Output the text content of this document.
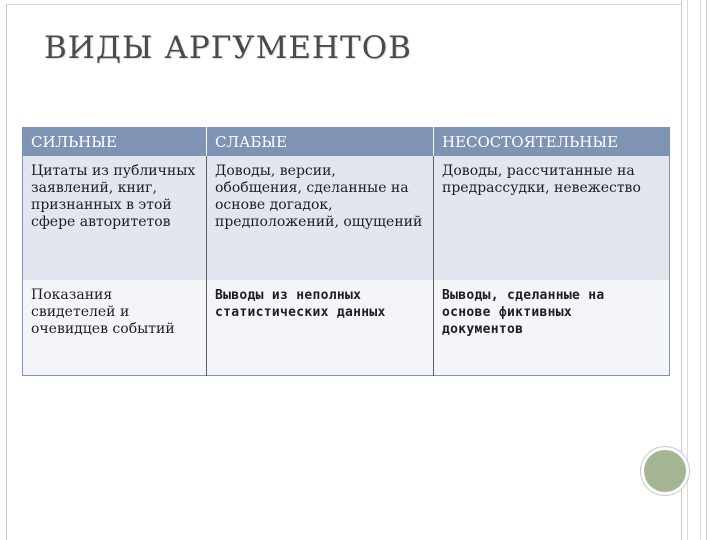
ВИДЫ АРГУМЕНТОВ
СИЛЬНЫЕ	СЛАБЫЕ	НЕСОСТОЯТЕЛЬНЫЕ
Цитаты из публичных заявлений, книг, признанных в этой сфере авторитетов	Доводы, версии, обобщения, сделанные на основе догадок, предположений, ощущений	Доводы, рассчитанные на предрассудки, невежество
Показания свидетелей и очевидцев событий	Выводы из неполных статистических данных	Выводы, сделанные на основе фиктивных документов
